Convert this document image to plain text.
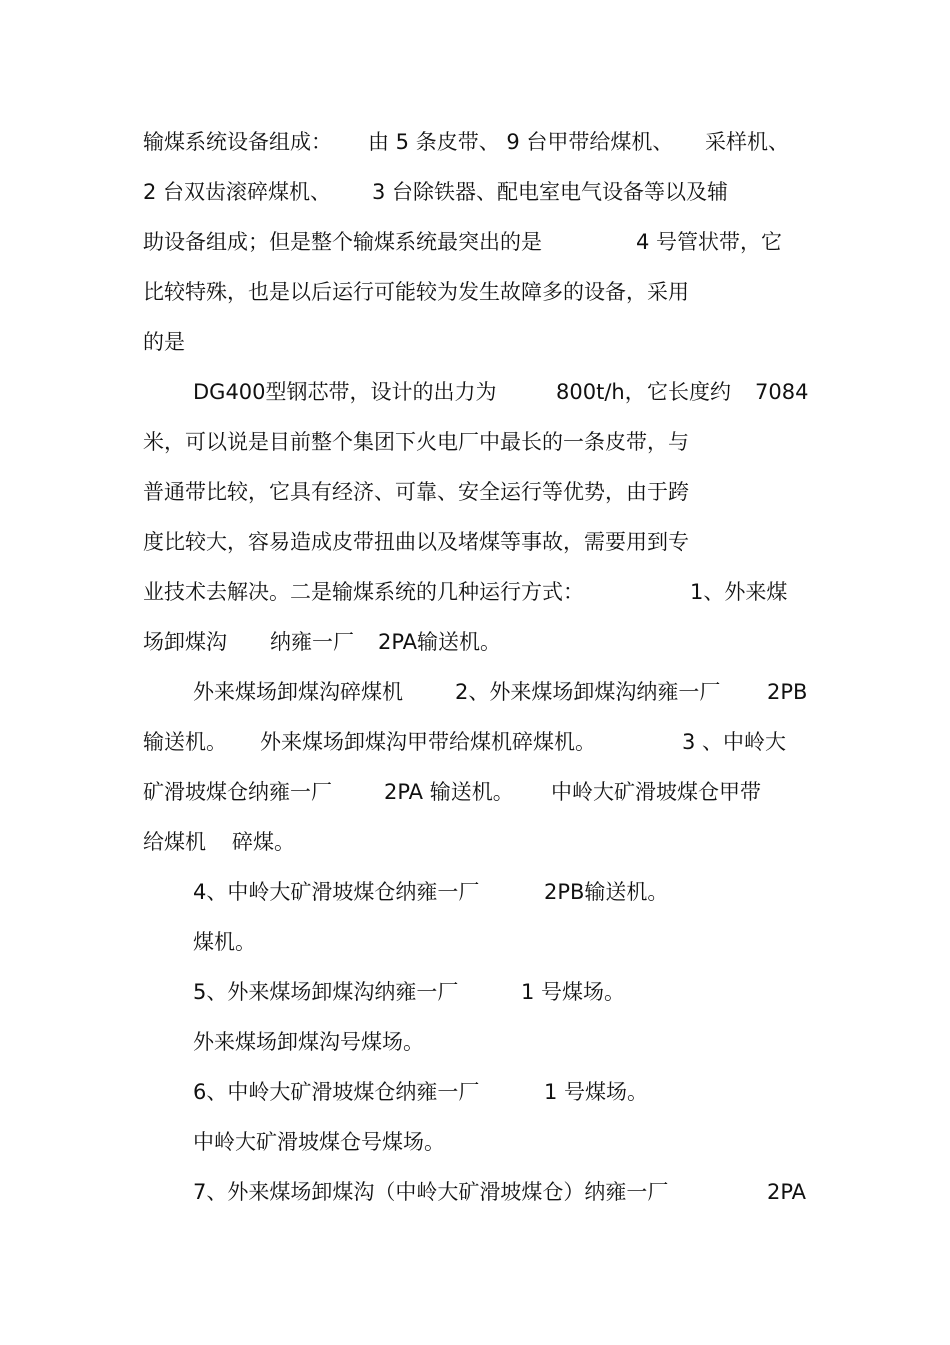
输煤系统设备组成： 由 5 条皮带、 9 台甲带给煤机、 采样机、
2 台双齿滚碎煤机、 3 台除铁器、配电室电气设备等以及辅
助设备组成；但是整个输煤系统最突出的是	4 号管状带，它
比较特殊，也是以后运行可能较为发生故障多的设备，采用
的是
DG400型钢芯带，设计的出力为	800t/h， 它长度约 7084
米，可以说是目前整个集团下火电厂中最长的一条皮带，与
普通带比较，它具有经济、可靠、安全运行等优势，由于跨
度比较大，容易造成皮带扭曲以及堵煤等事故，需要用到专
业技术去解决。二是输煤系统的几种运行方式：	1、外来煤
场卸煤沟 纳雍一厂 2PA输送机。
外来煤场卸煤沟碎煤机 2、外来煤场卸煤沟纳雍一厂 2PB
输送机。 外来煤场卸煤沟甲带给煤机碎煤机。	3 、中岭大
矿滑坡煤仓纳雍一厂 2PA 输送机。 中岭大矿滑坡煤仓甲带
给煤机 碎煤。
4、中岭大矿滑坡煤仓纳雍一厂	2PB输送机。
煤机。
5、外来煤场卸煤沟纳雍一厂	1 号煤场。
外来煤场卸煤沟号煤场。
6、中岭大矿滑坡煤仓纳雍一厂	1 号煤场。
中岭大矿滑坡煤仓号煤场。
7、外来煤场卸煤沟（中岭大矿滑坡煤仓）纳雍一厂	2PA
